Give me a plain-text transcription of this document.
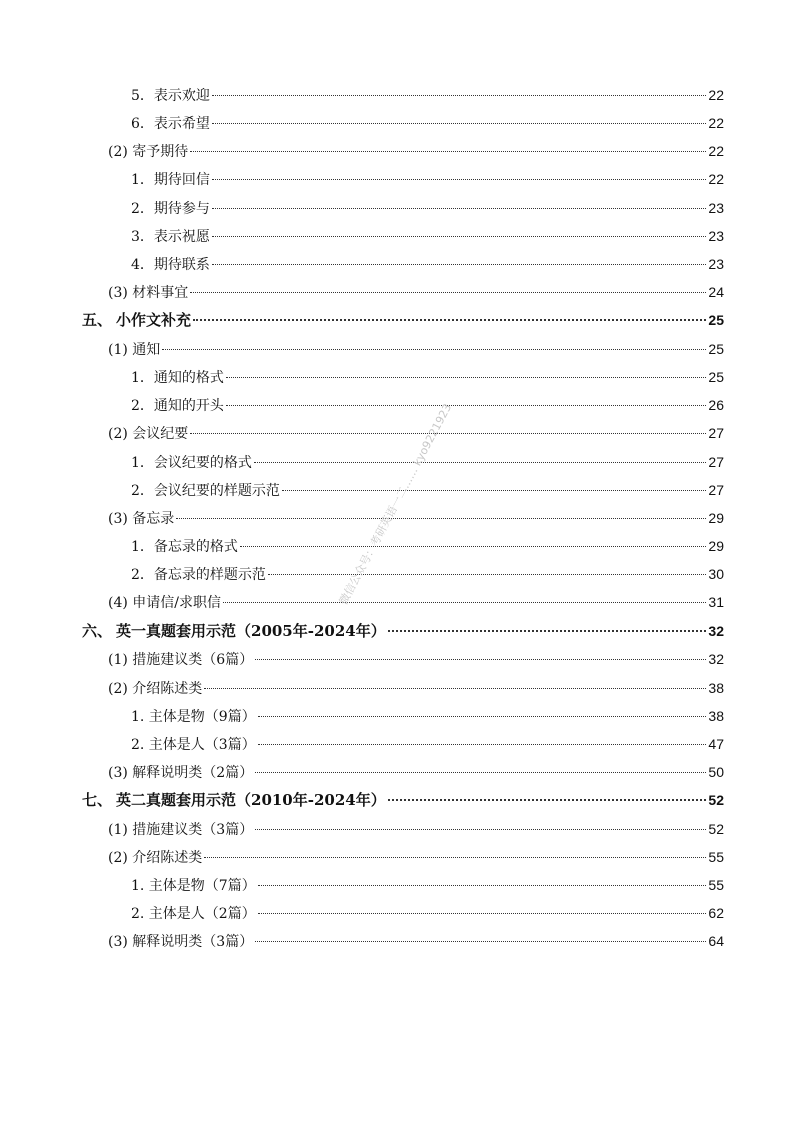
5．表示欢迎	22
6．表示希望	22
(2) 寄予期待	22
1．期待回信	22
2．期待参与	23
3．表示祝愿	23
4．期待联系	23
(3) 材料事宜	24
五、 小作文补充	25
(1) 通知	25
1．通知的格式	25
2．通知的开头	26
(2) 会议纪要	27
1．会议纪要的格式	27
2．会议纪要的样题示范	27
(3) 备忘录	29
1．备忘录的格式	29
2．备忘录的样题示范	30
(4) 申请信/求职信	31
六、 英一真题套用示范（2005年-2024年）	32
(1) 措施建议类（6篇）	32
(2) 介绍陈述类	38
1. 主体是物（9篇）	38
2. 主体是人（3篇）	47
(3) 解释说明类（2篇）	50
七、 英二真题套用示范（2010年-2024年）	52
(1) 措施建议类（3篇）	52
(2) 介绍陈述类	55
1. 主体是物（7篇）	55
2. 主体是人（2篇）	62
(3) 解释说明类（3篇）	64
微信公众号：考研英语一二…… kyo9221923
